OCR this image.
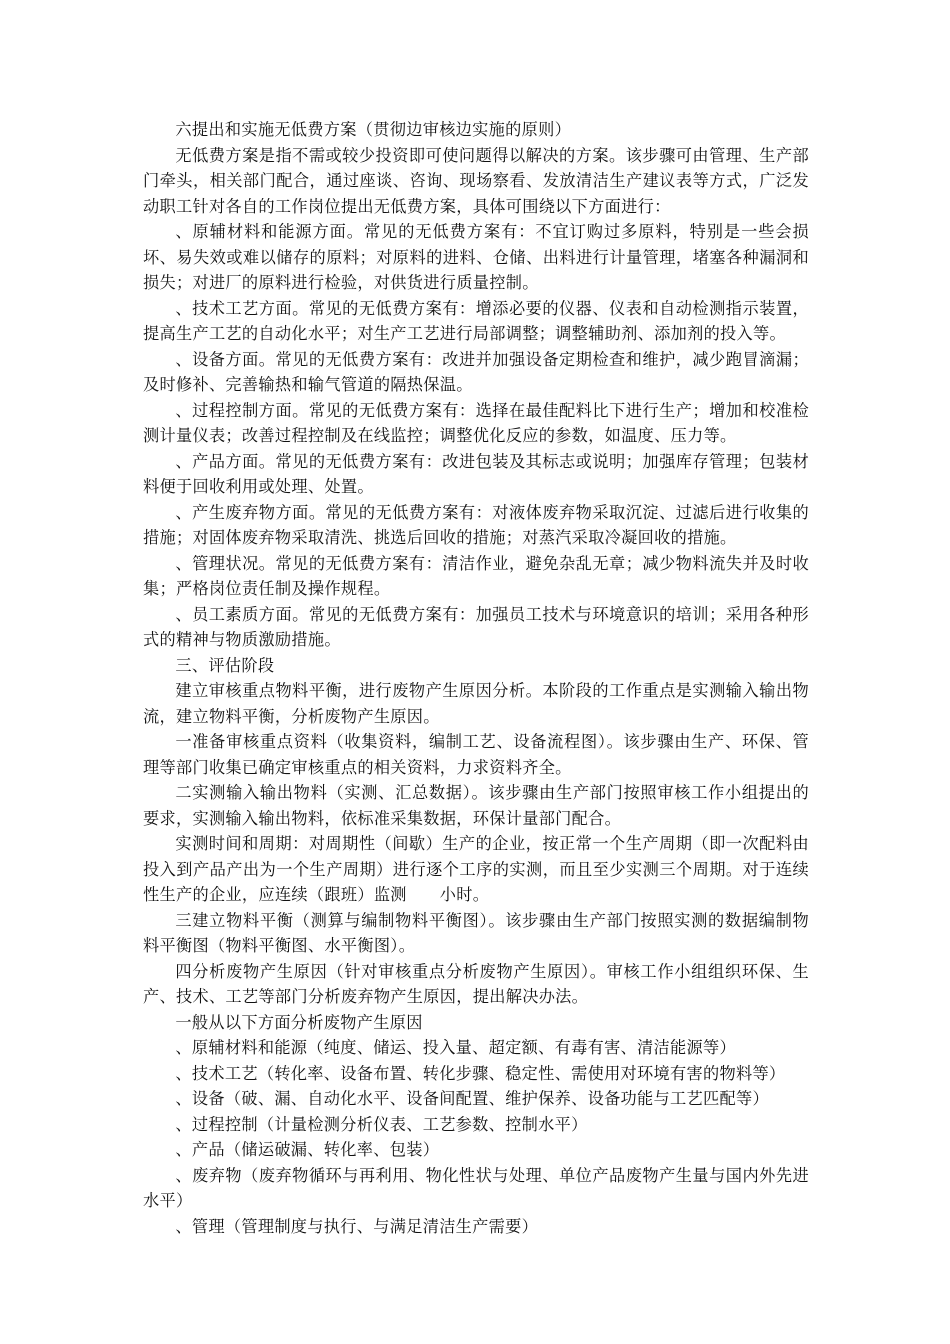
六提出和实施无低费方案（贯彻边审核边实施的原则）

无低费方案是指不需或较少投资即可使问题得以解决的方案。该步骤可由管理、生产部门牵头，相关部门配合，通过座谈、咨询、现场察看、发放清洁生产建议表等方式，广泛发动职工针对各自的工作岗位提出无低费方案，具体可围绕以下方面进行：

、原辅材料和能源方面。常见的无低费方案有：不宜订购过多原料，特别是一些会损坏、易失效或难以储存的原料；对原料的进料、仓储、出料进行计量管理，堵塞各种漏洞和损失；对进厂的原料进行检验，对供货进行质量控制。

、技术工艺方面。常见的无低费方案有：增添必要的仪器、仪表和自动检测指示装置，提高生产工艺的自动化水平；对生产工艺进行局部调整；调整辅助剂、添加剂的投入等。

、设备方面。常见的无低费方案有：改进并加强设备定期检查和维护，减少跑冒滴漏；及时修补、完善输热和输气管道的隔热保温。

、过程控制方面。常见的无低费方案有：选择在最佳配料比下进行生产；增加和校准检测计量仪表；改善过程控制及在线监控；调整优化反应的参数，如温度、压力等。

、产品方面。常见的无低费方案有：改进包装及其标志或说明；加强库存管理；包装材料便于回收利用或处理、处置。

、产生废弃物方面。常见的无低费方案有：对液体废弃物采取沉淀、过滤后进行收集的措施；对固体废弃物采取清洗、挑选后回收的措施；对蒸汽采取冷凝回收的措施。

、管理状况。常见的无低费方案有：清洁作业，避免杂乱无章；减少物料流失并及时收集；严格岗位责任制及操作规程。

、员工素质方面。常见的无低费方案有：加强员工技术与环境意识的培训；采用各种形式的精神与物质激励措施。

三、评估阶段

建立审核重点物料平衡，进行废物产生原因分析。本阶段的工作重点是实测输入输出物流，建立物料平衡，分析废物产生原因。

一准备审核重点资料（收集资料，编制工艺、设备流程图）。该步骤由生产、环保、管理等部门收集已确定审核重点的相关资料，力求资料齐全。

二实测输入输出物料（实测、汇总数据）。该步骤由生产部门按照审核工作小组提出的要求，实测输入输出物料，依标准采集数据，环保计量部门配合。

实测时间和周期：对周期性（间歇）生产的企业，按正常一个生产周期（即一次配料由投入到产品产出为一个生产周期）进行逐个工序的实测，而且至少实测三个周期。对于连续性生产的企业，应连续（跟班）监测　　小时。

三建立物料平衡（测算与编制物料平衡图）。该步骤由生产部门按照实测的数据编制物料平衡图（物料平衡图、水平衡图）。

四分析废物产生原因（针对审核重点分析废物产生原因）。审核工作小组组织环保、生产、技术、工艺等部门分析废弃物产生原因，提出解决办法。

一般从以下方面分析废物产生原因

、原辅材料和能源（纯度、储运、投入量、超定额、有毒有害、清洁能源等）

、技术工艺（转化率、设备布置、转化步骤、稳定性、需使用对环境有害的物料等）

、设备（破、漏、自动化水平、设备间配置、维护保养、设备功能与工艺匹配等）

、过程控制（计量检测分析仪表、工艺参数、控制水平）

、产品（储运破漏、转化率、包装）

、废弃物（废弃物循环与再利用、物化性状与处理、单位产品废物产生量与国内外先进水平）

、管理（管理制度与执行、与满足清洁生产需要）
